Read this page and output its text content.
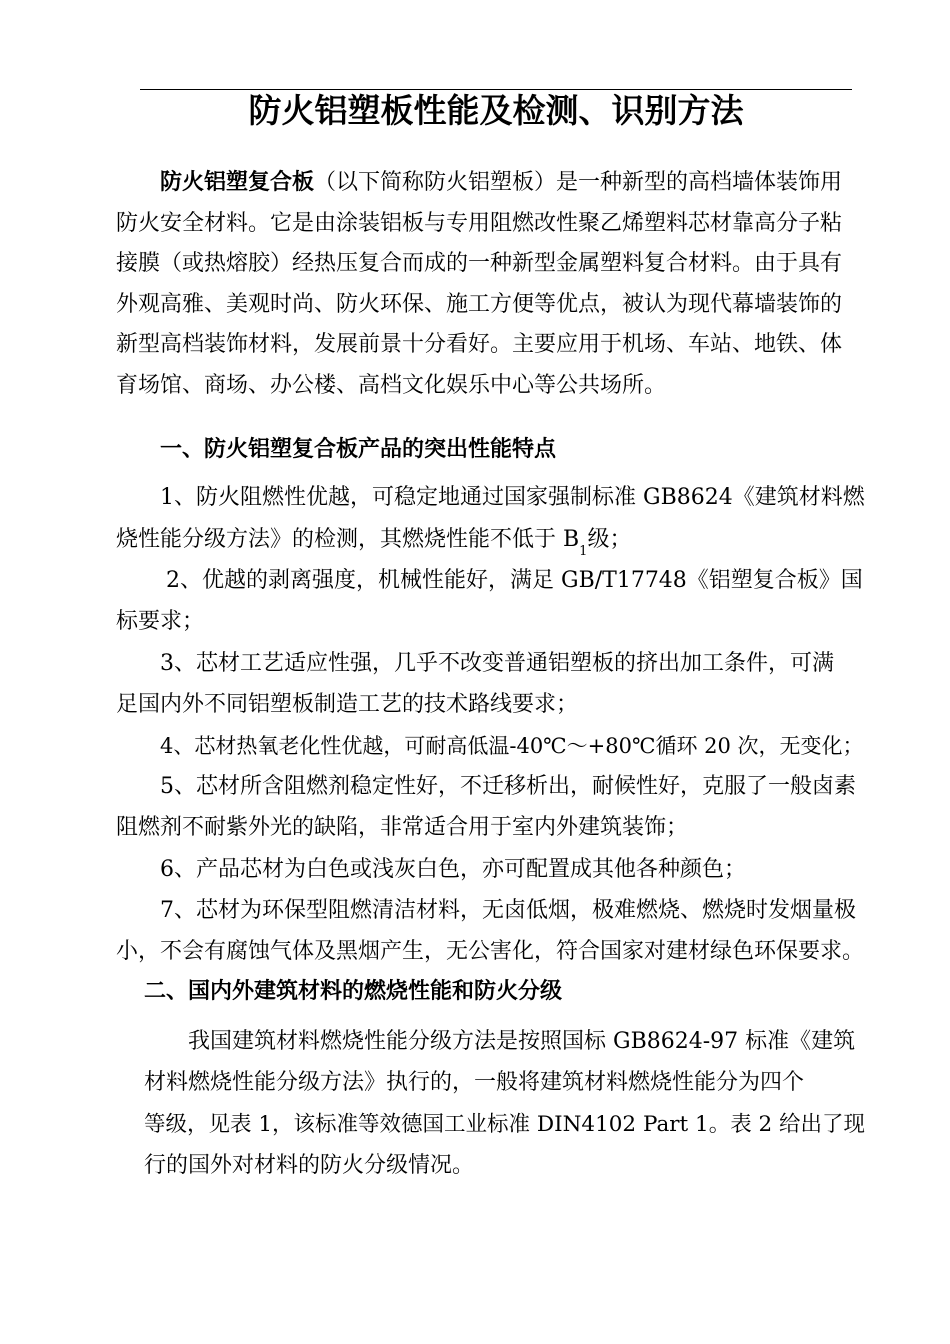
防火铝塑板性能及检测、识别方法
防火铝塑复合板（以下简称防火铝塑板）是一种新型的高档墙体装饰用
防火安全材料。它是由涂装铝板与专用阻燃改性聚乙烯塑料芯材靠高分子粘
接膜（或热熔胶）经热压复合而成的一种新型金属塑料复合材料。由于具有
外观高雅、美观时尚、防火环保、施工方便等优点，被认为现代幕墙装饰的
新型高档装饰材料，发展前景十分看好。主要应用于机场、车站、地铁、体
育场馆、商场、办公楼、高档文化娱乐中心等公共场所。
一、防火铝塑复合板产品的突出性能特点
1、防火阻燃性优越，可稳定地通过国家强制标准 GB8624《建筑材料燃
烧性能分级方法》的检测，其燃烧性能不低于 $B_1$级；
2、优越的剥离强度，机械性能好，满足 GB/T17748《铝塑复合板》国
标要求；
3、芯材工艺适应性强，几乎不改变普通铝塑板的挤出加工条件，可满
足国内外不同铝塑板制造工艺的技术路线要求；
4、芯材热氧老化性优越，可耐高低温-40℃～+80℃循环 20 次，无变化；
5、芯材所含阻燃剂稳定性好，不迁移析出，耐候性好，克服了一般卤素
阻燃剂不耐紫外光的缺陷，非常适合用于室内外建筑装饰；
6、产品芯材为白色或浅灰白色，亦可配置成其他各种颜色；
7、芯材为环保型阻燃清洁材料，无卤低烟，极难燃烧、燃烧时发烟量极
小，不会有腐蚀气体及黑烟产生，无公害化，符合国家对建材绿色环保要求。
二、国内外建筑材料的燃烧性能和防火分级
我国建筑材料燃烧性能分级方法是按照国标 GB8624-97 标准《建筑
材料燃烧性能分级方法》执行的，一般将建筑材料燃烧性能分为四个
等级，见表 1，该标准等效德国工业标准 DIN4102 Part 1。表 2 给出了现
行的国外对材料的防火分级情况。
